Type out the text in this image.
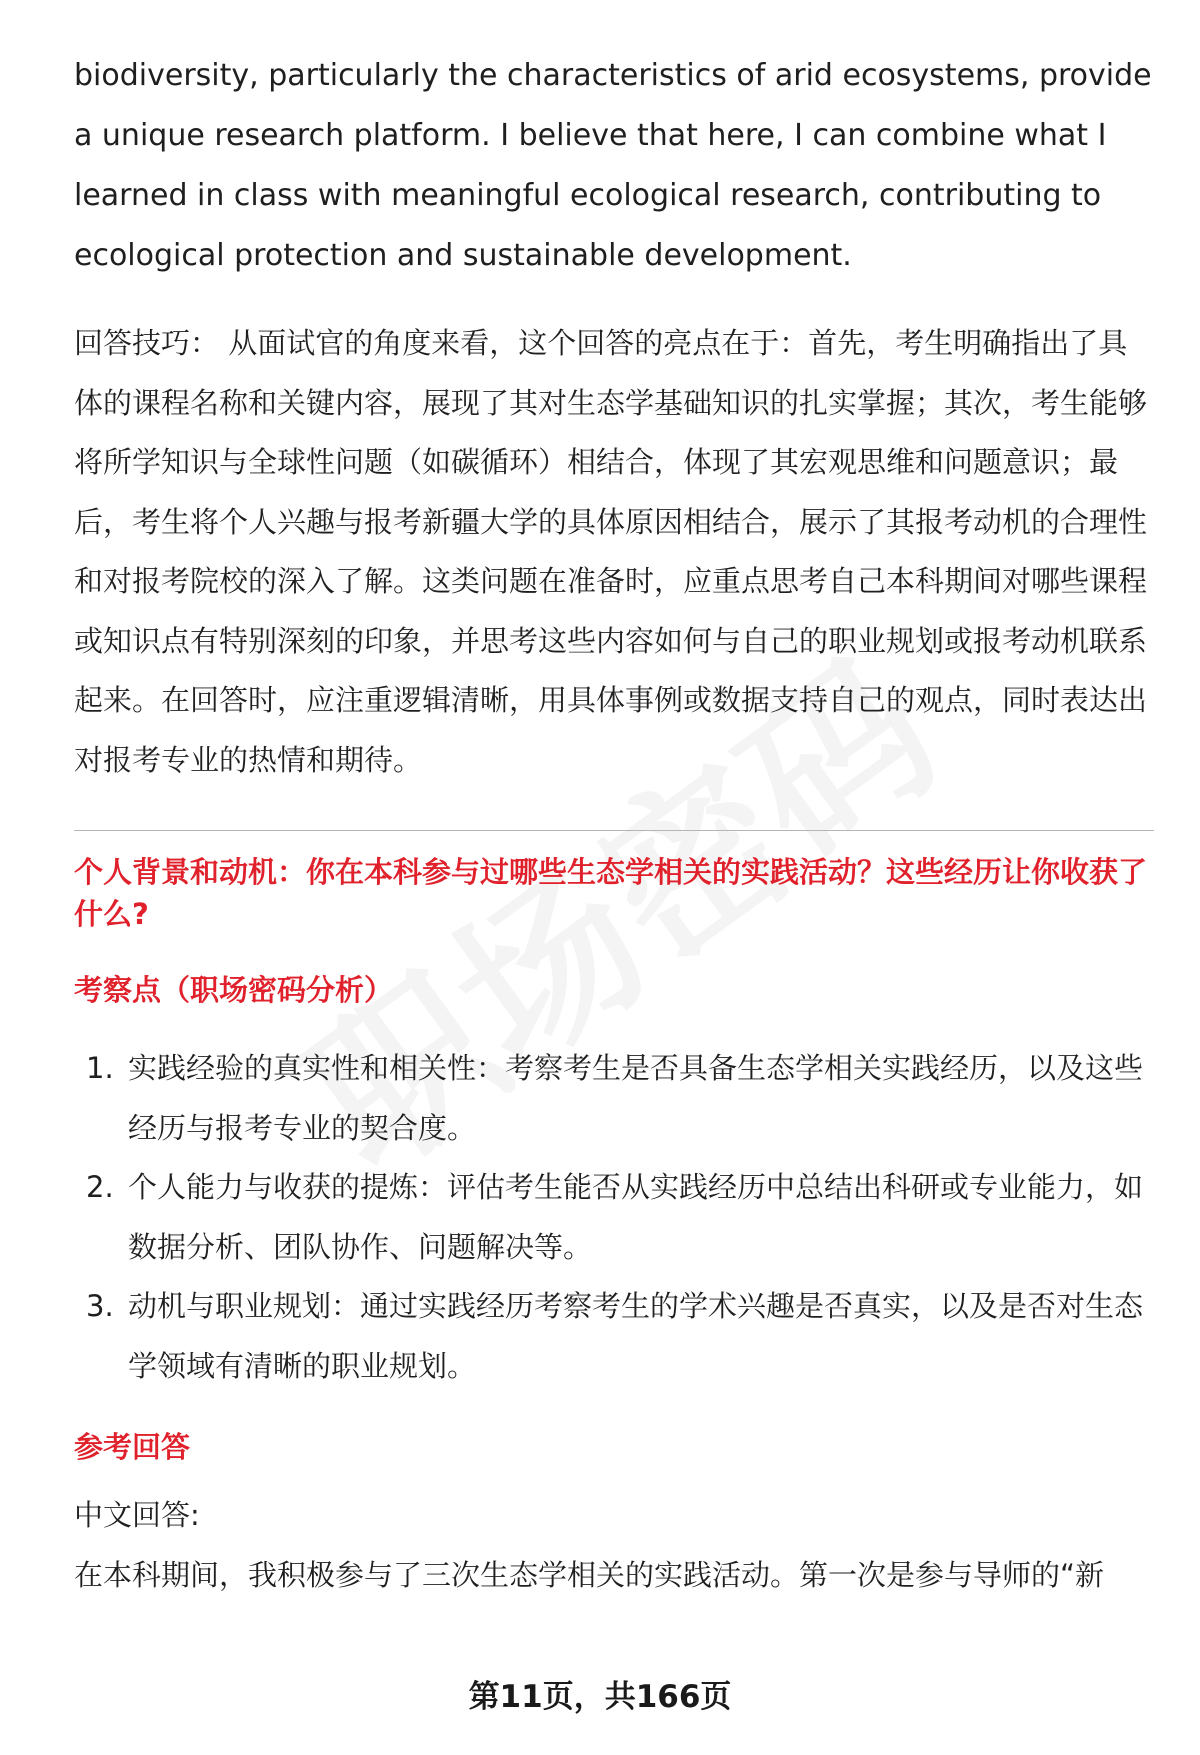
biodiversity, particularly the characteristics of arid ecosystems, provide a unique research platform. I believe that here, I can combine what I learned in class with meaningful ecological research, contributing to ecological protection and sustainable development.

回答技巧： 从面试官的角度来看，这个回答的亮点在于：首先，考生明确指出了具体的课程名称和关键内容，展现了其对生态学基础知识的扎实掌握；其次，考生能够将所学知识与全球性问题（如碳循环）相结合，体现了其宏观思维和问题意识；最后，考生将个人兴趣与报考新疆大学的具体原因相结合，展示了其报考动机的合理性和对报考院校的深入了解。这类问题在准备时，应重点思考自己本科期间对哪些课程或知识点有特别深刻的印象，并思考这些内容如何与自己的职业规划或报考动机联系起来。在回答时，应注重逻辑清晰，用具体事例或数据支持自己的观点，同时表达出对报考专业的热情和期待。

个人背景和动机：你在本科参与过哪些生态学相关的实践活动？这些经历让你收获了什么?

考察点（职场密码分析）

1. 实践经验的真实性和相关性：考察考生是否具备生态学相关实践经历，以及这些经历与报考专业的契合度。
2. 个人能力与收获的提炼：评估考生能否从实践经历中总结出科研或专业能力，如数据分析、团队协作、问题解决等。
3. 动机与职业规划：通过实践经历考察考生的学术兴趣是否真实，以及是否对生态学领域有清晰的职业规划。

参考回答

中文回答:

在本科期间，我积极参与了三次生态学相关的实践活动。第一次是参与导师的“新

第11页，共166页
